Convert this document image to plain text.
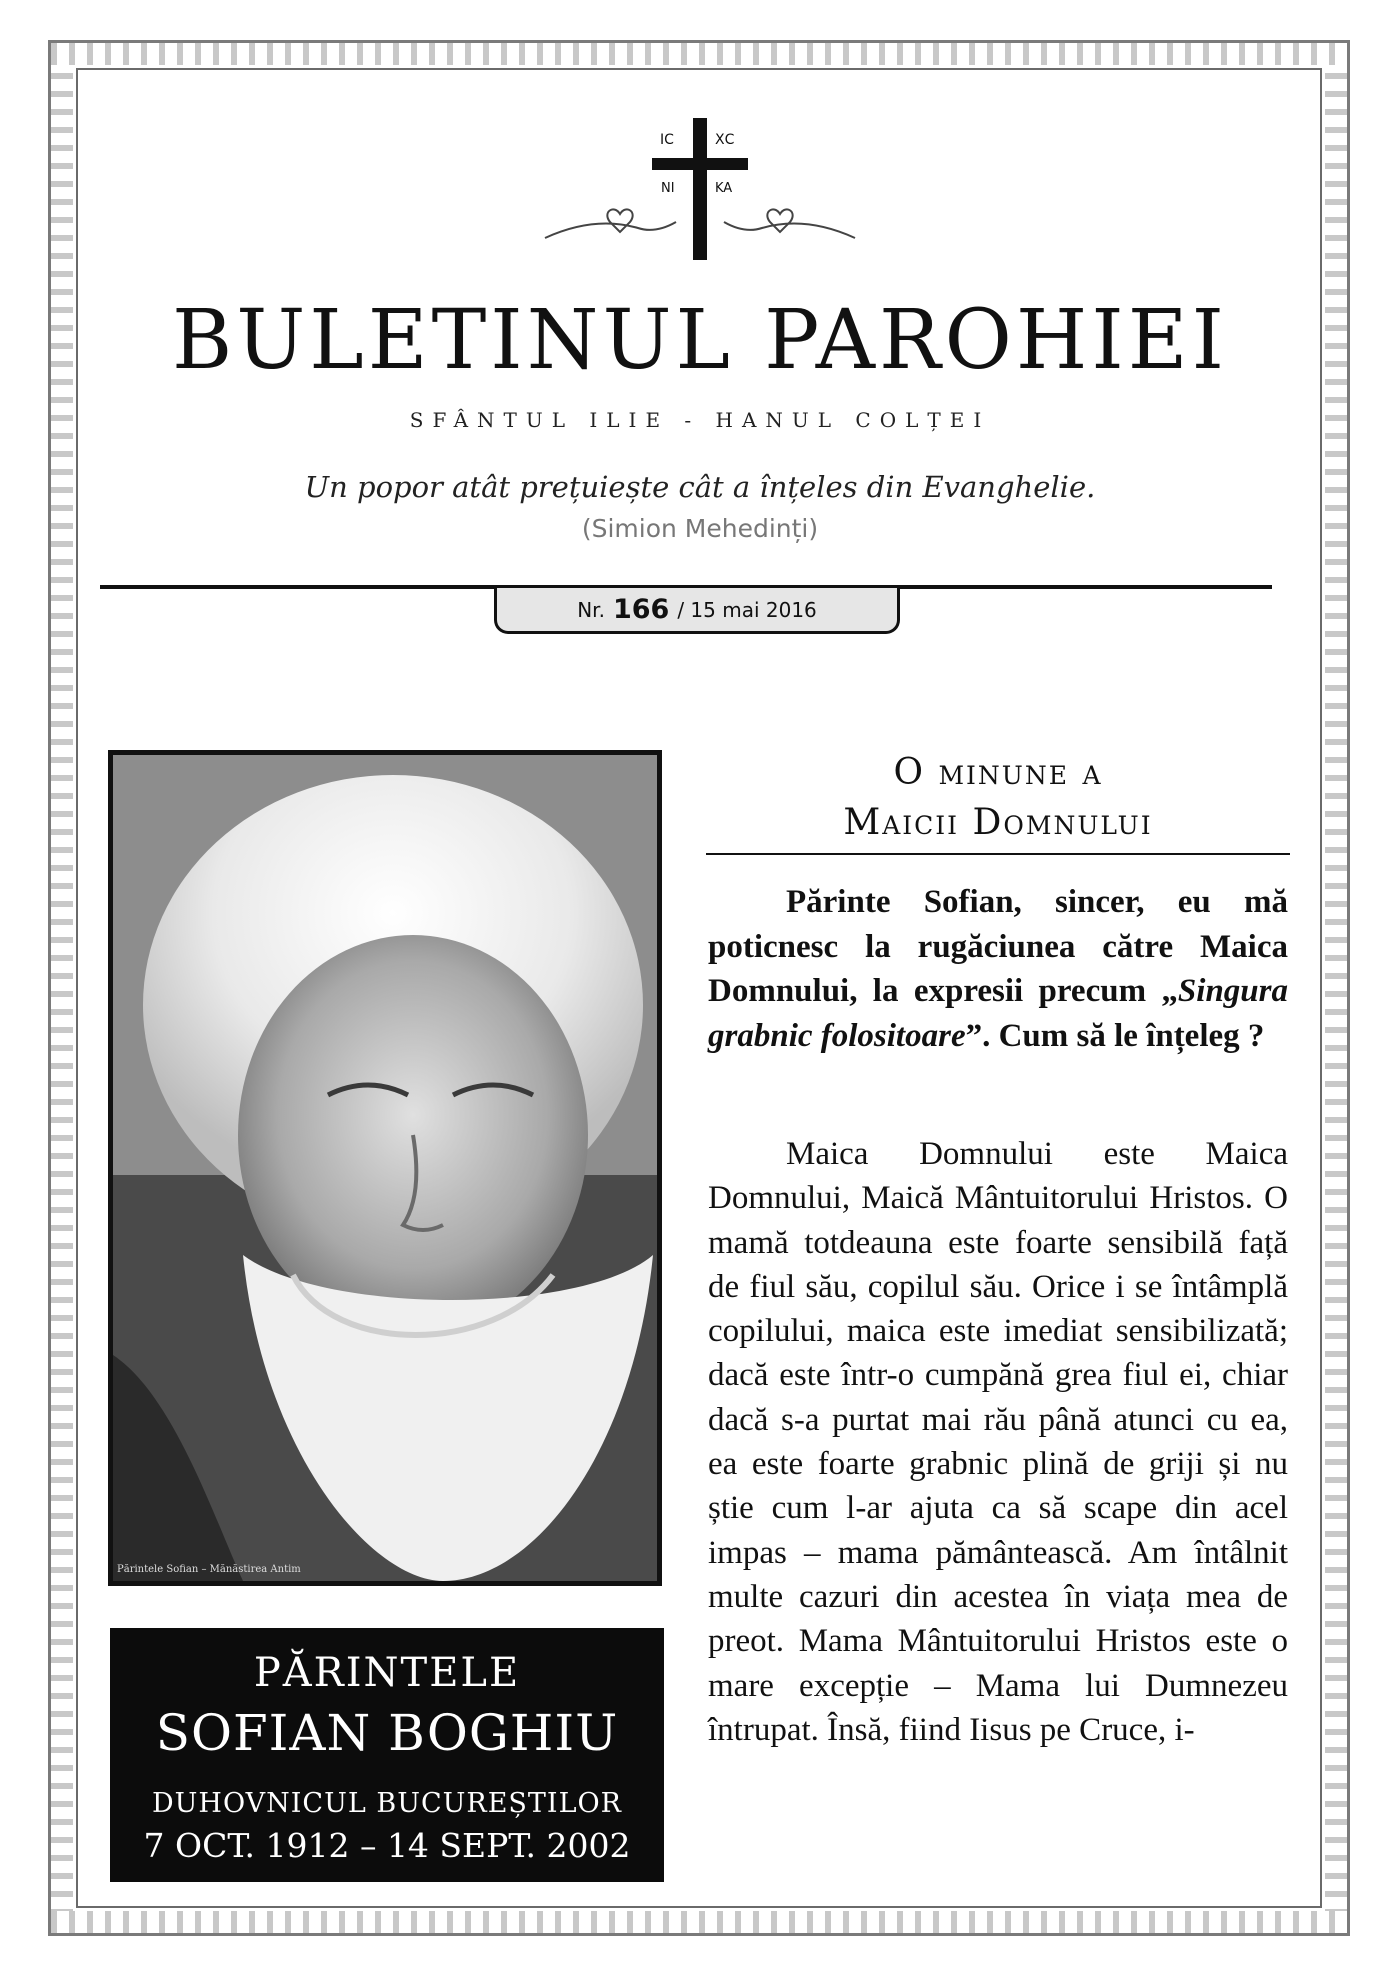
IC	ХС
NI	KA
BULETINUL PAROHIEI
SFÂNTUL ILIE - HANUL COLȚEI
Un popor atât prețuiește cât a înțeles din Evanghelie.
(Simion Mehedinți)
Nr. 166 / 15 mai 2016
Părintele Sofian – Mănăstirea Antim
PĂRINTELE
SOFIAN BOGHIU
DUHOVNICUL BUCUREȘTILOR
7 OCT. 1912 – 14 SEPT. 2002
O minune a
Maicii Domnului
Părinte Sofian, sincer, eu mă poticnesc la rugăciunea către Maica Domnului, la expresii precum „Singura grabnic folositoare”. Cum să le înțeleg ?
Maica Domnului este Maica Domnului, Maică Mântuitorului Hristos. O mamă totdeauna este foarte sensibilă față de fiul său, copilul său. Orice i se întâmplă copilului, maica este imediat sensibilizată; dacă este într-o cumpănă grea fiul ei, chiar dacă s-a purtat mai rău până atunci cu ea, ea este foarte grabnic plină de griji și nu știe cum l-ar ajuta ca să scape din acel impas – mama pământească. Am întâlnit multe cazuri din acestea în viața mea de preot. Mama Mântuitorului Hristos este o mare excepție – Mama lui Dumnezeu întrupat. Însă, fiind Iisus pe Cruce, i-
